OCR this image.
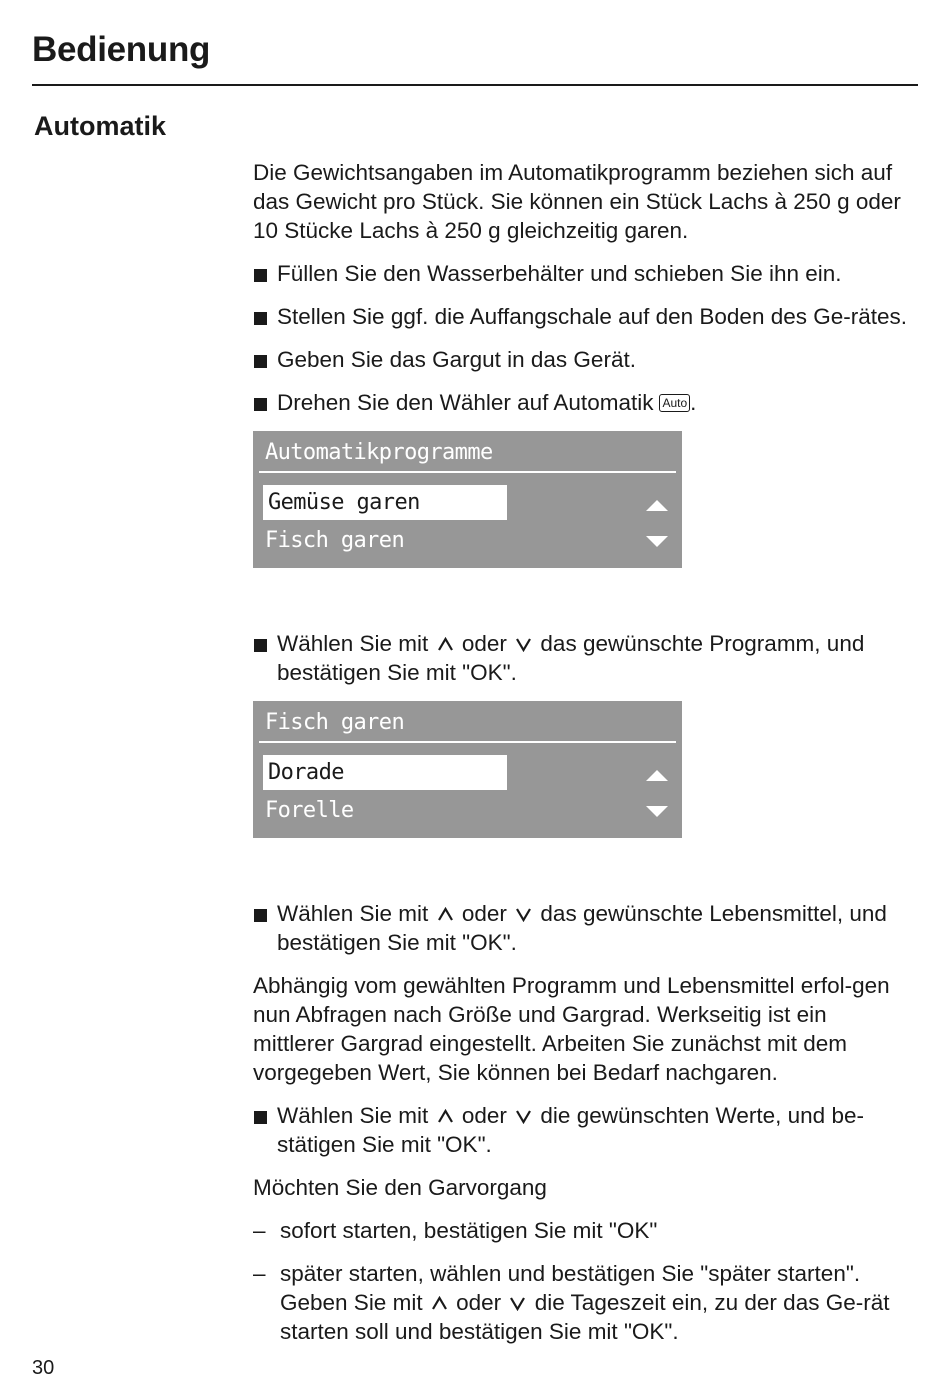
Bedienung
Automatik

Die Gewichtsangaben im Automatikprogramm beziehen sich auf das Gewicht pro Stück. Sie können ein Stück Lachs à 250 g oder 10 Stücke Lachs à 250 g gleichzeitig garen.

Füllen Sie den Wasserbehälter und schieben Sie ihn ein.

Stellen Sie ggf. die Auffangschale auf den Boden des Ge-rätes.

Geben Sie das Gargut in das Gerät.

Drehen Sie den Wähler auf Automatik Auto .

Automatikprogramme
Gemüse garen
Fisch garen

Wählen Sie mit oder das gewünschte Programm, und bestätigen Sie mit "OK".

Fisch garen
Dorade
Forelle

Wählen Sie mit oder das gewünschte Lebensmittel, und bestätigen Sie mit "OK".

Abhängig vom gewählten Programm und Lebensmittel erfol-gen nun Abfragen nach Größe und Gargrad. Werkseitig ist ein mittlerer Gargrad eingestellt. Arbeiten Sie zunächst mit dem vorgegeben Wert, Sie können bei Bedarf nachgaren.

Wählen Sie mit oder die gewünschten Werte, und be-stätigen Sie mit "OK".

Möchten Sie den Garvorgang

– sofort starten, bestätigen Sie mit "OK"

– später starten, wählen und bestätigen Sie "später starten". Geben Sie mit oder die Tageszeit ein, zu der das Ge-rät starten soll und bestätigen Sie mit "OK".

30
